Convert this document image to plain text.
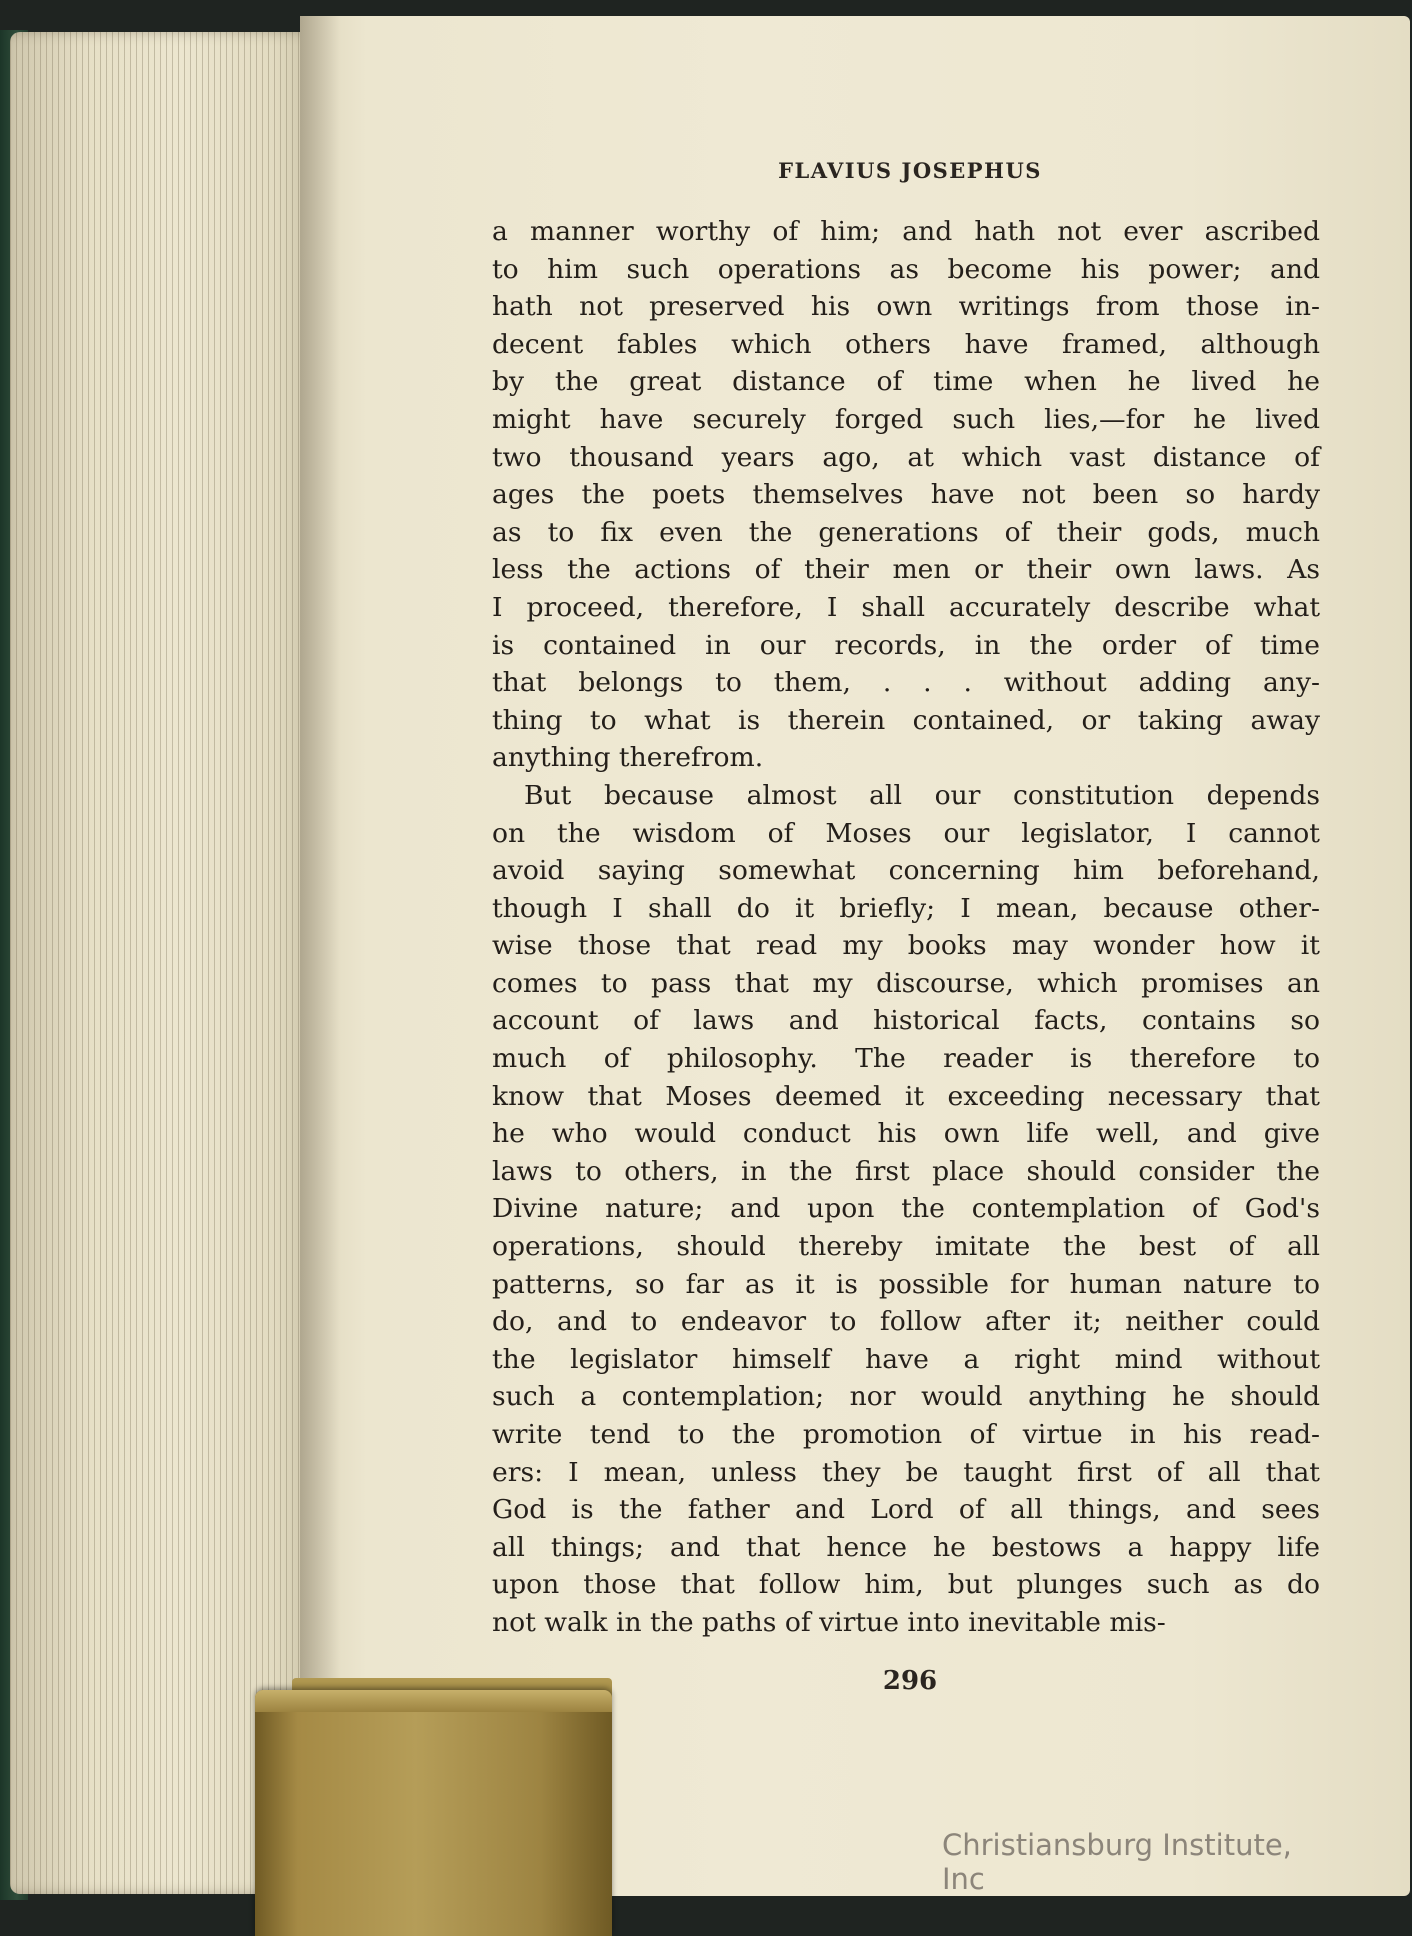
FLAVIUS JOSEPHUS
a manner worthy of him; and hath not ever ascribed
to him such operations as become his power; and
hath not preserved his own writings from those in-
decent fables which others have framed, although
by the great distance of time when he lived he
might have securely forged such lies,—for he lived
two thousand years ago, at which vast distance of
ages the poets themselves have not been so hardy
as to fix even the generations of their gods, much
less the actions of their men or their own laws. As
I proceed, therefore, I shall accurately describe what
is contained in our records, in the order of time
that belongs to them, . . . without adding any-
thing to what is therein contained, or taking away
anything therefrom.
But because almost all our constitution depends
on the wisdom of Moses our legislator, I cannot
avoid saying somewhat concerning him beforehand,
though I shall do it briefly; I mean, because other-
wise those that read my books may wonder how it
comes to pass that my discourse, which promises an
account of laws and historical facts, contains so
much of philosophy. The reader is therefore to
know that Moses deemed it exceeding necessary that
he who would conduct his own life well, and give
laws to others, in the first place should consider the
Divine nature; and upon the contemplation of God's
operations, should thereby imitate the best of all
patterns, so far as it is possible for human nature to
do, and to endeavor to follow after it; neither could
the legislator himself have a right mind without
such a contemplation; nor would anything he should
write tend to the promotion of virtue in his read-
ers: I mean, unless they be taught first of all that
God is the father and Lord of all things, and sees
all things; and that hence he bestows a happy life
upon those that follow him, but plunges such as do
not walk in the paths of virtue into inevitable mis-
296
Christiansburg Institute, Inc
